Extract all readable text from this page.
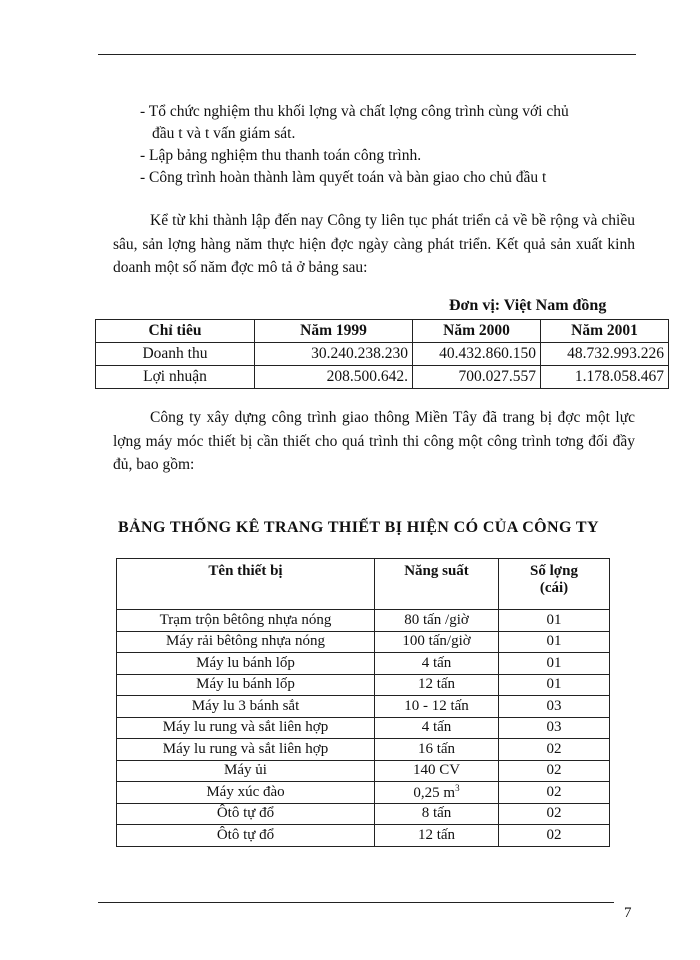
- Tổ chức nghiệm thu khối lợng và chất lợng công trình cùng với chủ
đầu t và t vấn giám sát.

- Lập bảng nghiệm thu thanh toán công trình.

- Công trình hoàn thành làm quyết toán và bàn giao cho chủ đầu t

Kể từ khi thành lập đến nay Công ty liên tục phát triển cả về bề rộng và chiều sâu, sản lợng hàng năm thực hiện đợc ngày càng phát triển. Kết quả sản xuất kinh doanh một số năm đợc mô tả ở bảng sau:

Đơn vị: Việt Nam đồng
Chỉ tiêu	Năm 1999	Năm 2000	Năm 2001
Doanh thu	30.240.238.230	40.432.860.150	48.732.993.226
Lợi nhuận	208.500.642.	700.027.557	1.178.058.467

Công ty xây dựng công trình giao thông Miền Tây đã trang bị đợc một lực lợng máy móc thiết bị cần thiết cho quá trình thi công một công trình tơng đối đầy đủ, bao gồm:

BẢNG THỐNG KÊ TRANG THIẾT BỊ HIỆN CÓ CỦA CÔNG TY

Tên thiết bị	Năng suất	Số lợng
(cái)
Trạm trộn bêtông nhựa nóng	80 tấn /giờ	01
Máy rải bêtông nhựa nóng	100 tấn/giờ	01
Máy lu bánh lốp	4 tấn	01
Máy lu bánh lốp	12 tấn	01
Máy lu 3 bánh sắt	10 - 12 tấn	03
Máy lu rung và sắt liên hợp	4 tấn	03
Máy lu rung và sắt liên hợp	16 tấn	02
Máy ủi	140 CV	02
Máy xúc đào	0,25 $m^3$	02
Ôtô tự đổ	8 tấn	02
Ôtô tự đổ	12 tấn	02
7
